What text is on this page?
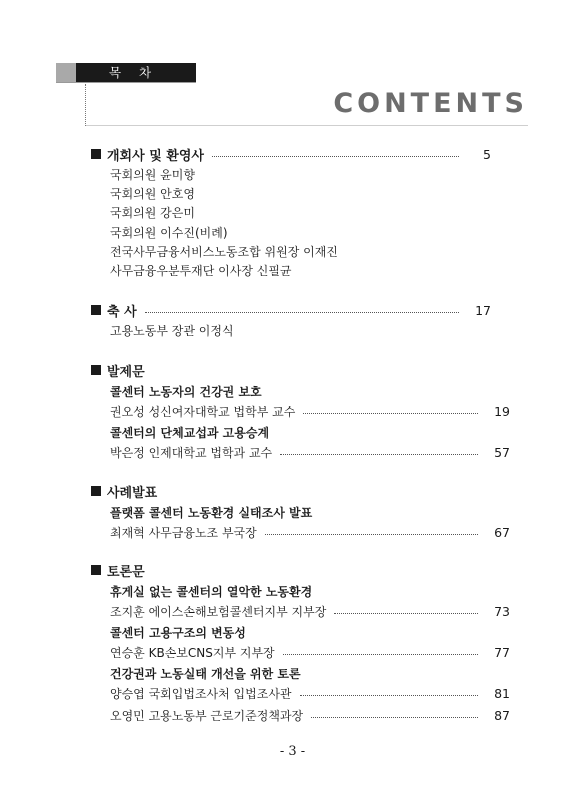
목 차
CONTENTS
개회사 및 환영사	5
국회의원 윤미향
국회의원 안호영
국회의원 강은미
국회의원 이수진(비례)
전국사무금융서비스노동조합 위원장 이재진
사무금융우분투재단 이사장 신필균
축 사	17
고용노동부 장관 이정식
발제문
콜센터 노동자의 건강권 보호
권오성 성신여자대학교 법학부 교수	19
콜센터의 단체교섭과 고용승계
박은정 인제대학교 법학과 교수	57
사례발표
플랫폼 콜센터 노동환경 실태조사 발표
최재혁 사무금융노조 부국장	67
토론문
휴게실 없는 콜센터의 열악한 노동환경
조지훈 에이스손해보험콜센터지부 지부장	73
콜센터 고용구조의 변동성
연승훈 KB손보CNS지부 지부장	77
건강권과 노동실태 개선을 위한 토론
양승엽 국회입법조사처 입법조사관	81
오영민 고용노동부 근로기준정책과장	87
- 3 -
